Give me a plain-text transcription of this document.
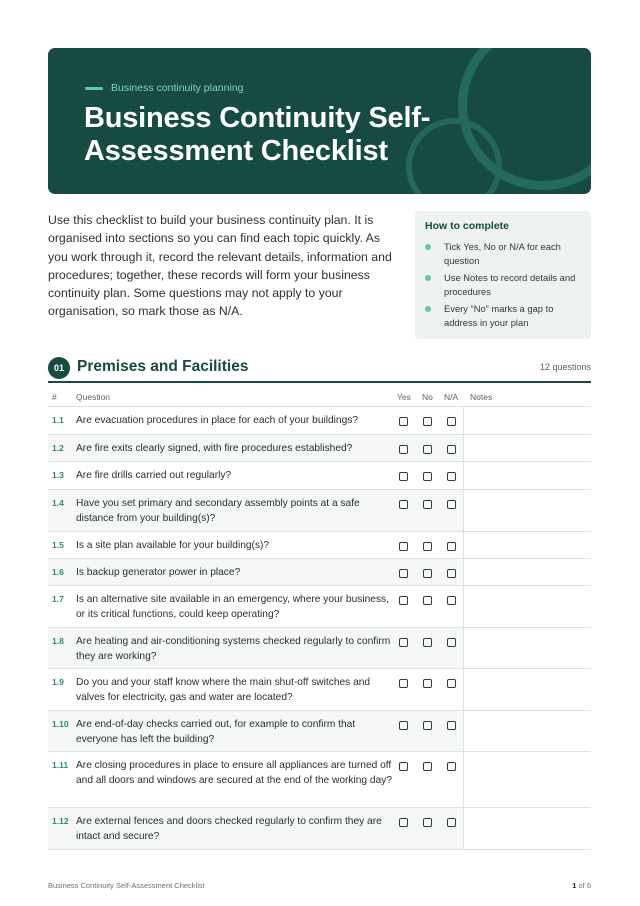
Business continuity planning
Business Continuity Self-Assessment Checklist

Use this checklist to build your business continuity plan. It is organised into sections so you can find each topic quickly. As you work through it, record the relevant details, information and procedures; together, these records will form your business continuity plan. Some questions may not apply to your organisation, so mark those as N/A.

How to complete
Tick Yes, No or N/A for each question
Use Notes to record details and procedures
Every “No” marks a gap to address in your plan
01 Premises and Facilities	12 questions
# Question	Yes No N/A Notes
1.1 Are evacuation procedures in place for each of your buildings?
1.2 Are fire exits clearly signed, with fire procedures established?
1.3 Are fire drills carried out regularly?
1.4 Have you set primary and secondary assembly points at a safe distance from your building(s)?
1.5 Is a site plan available for your building(s)?
1.6 Is backup generator power in place?
1.7 Is an alternative site available in an emergency, where your business, or its critical functions, could keep operating?
1.8 Are heating and air-conditioning systems checked regularly to confirm they are working?
1.9 Do you and your staff know where the main shut-off switches and valves for electricity, gas and water are located?
1.10 Are end-of-day checks carried out, for example to confirm that everyone has left the building?
1.11 Are closing procedures in place to ensure all appliances are turned off and all doors and windows are secured at the end of the working day?
1.12 Are external fences and doors checked regularly to confirm they are intact and secure?
Business Continuity Self-Assessment Checklist	1 of 6
